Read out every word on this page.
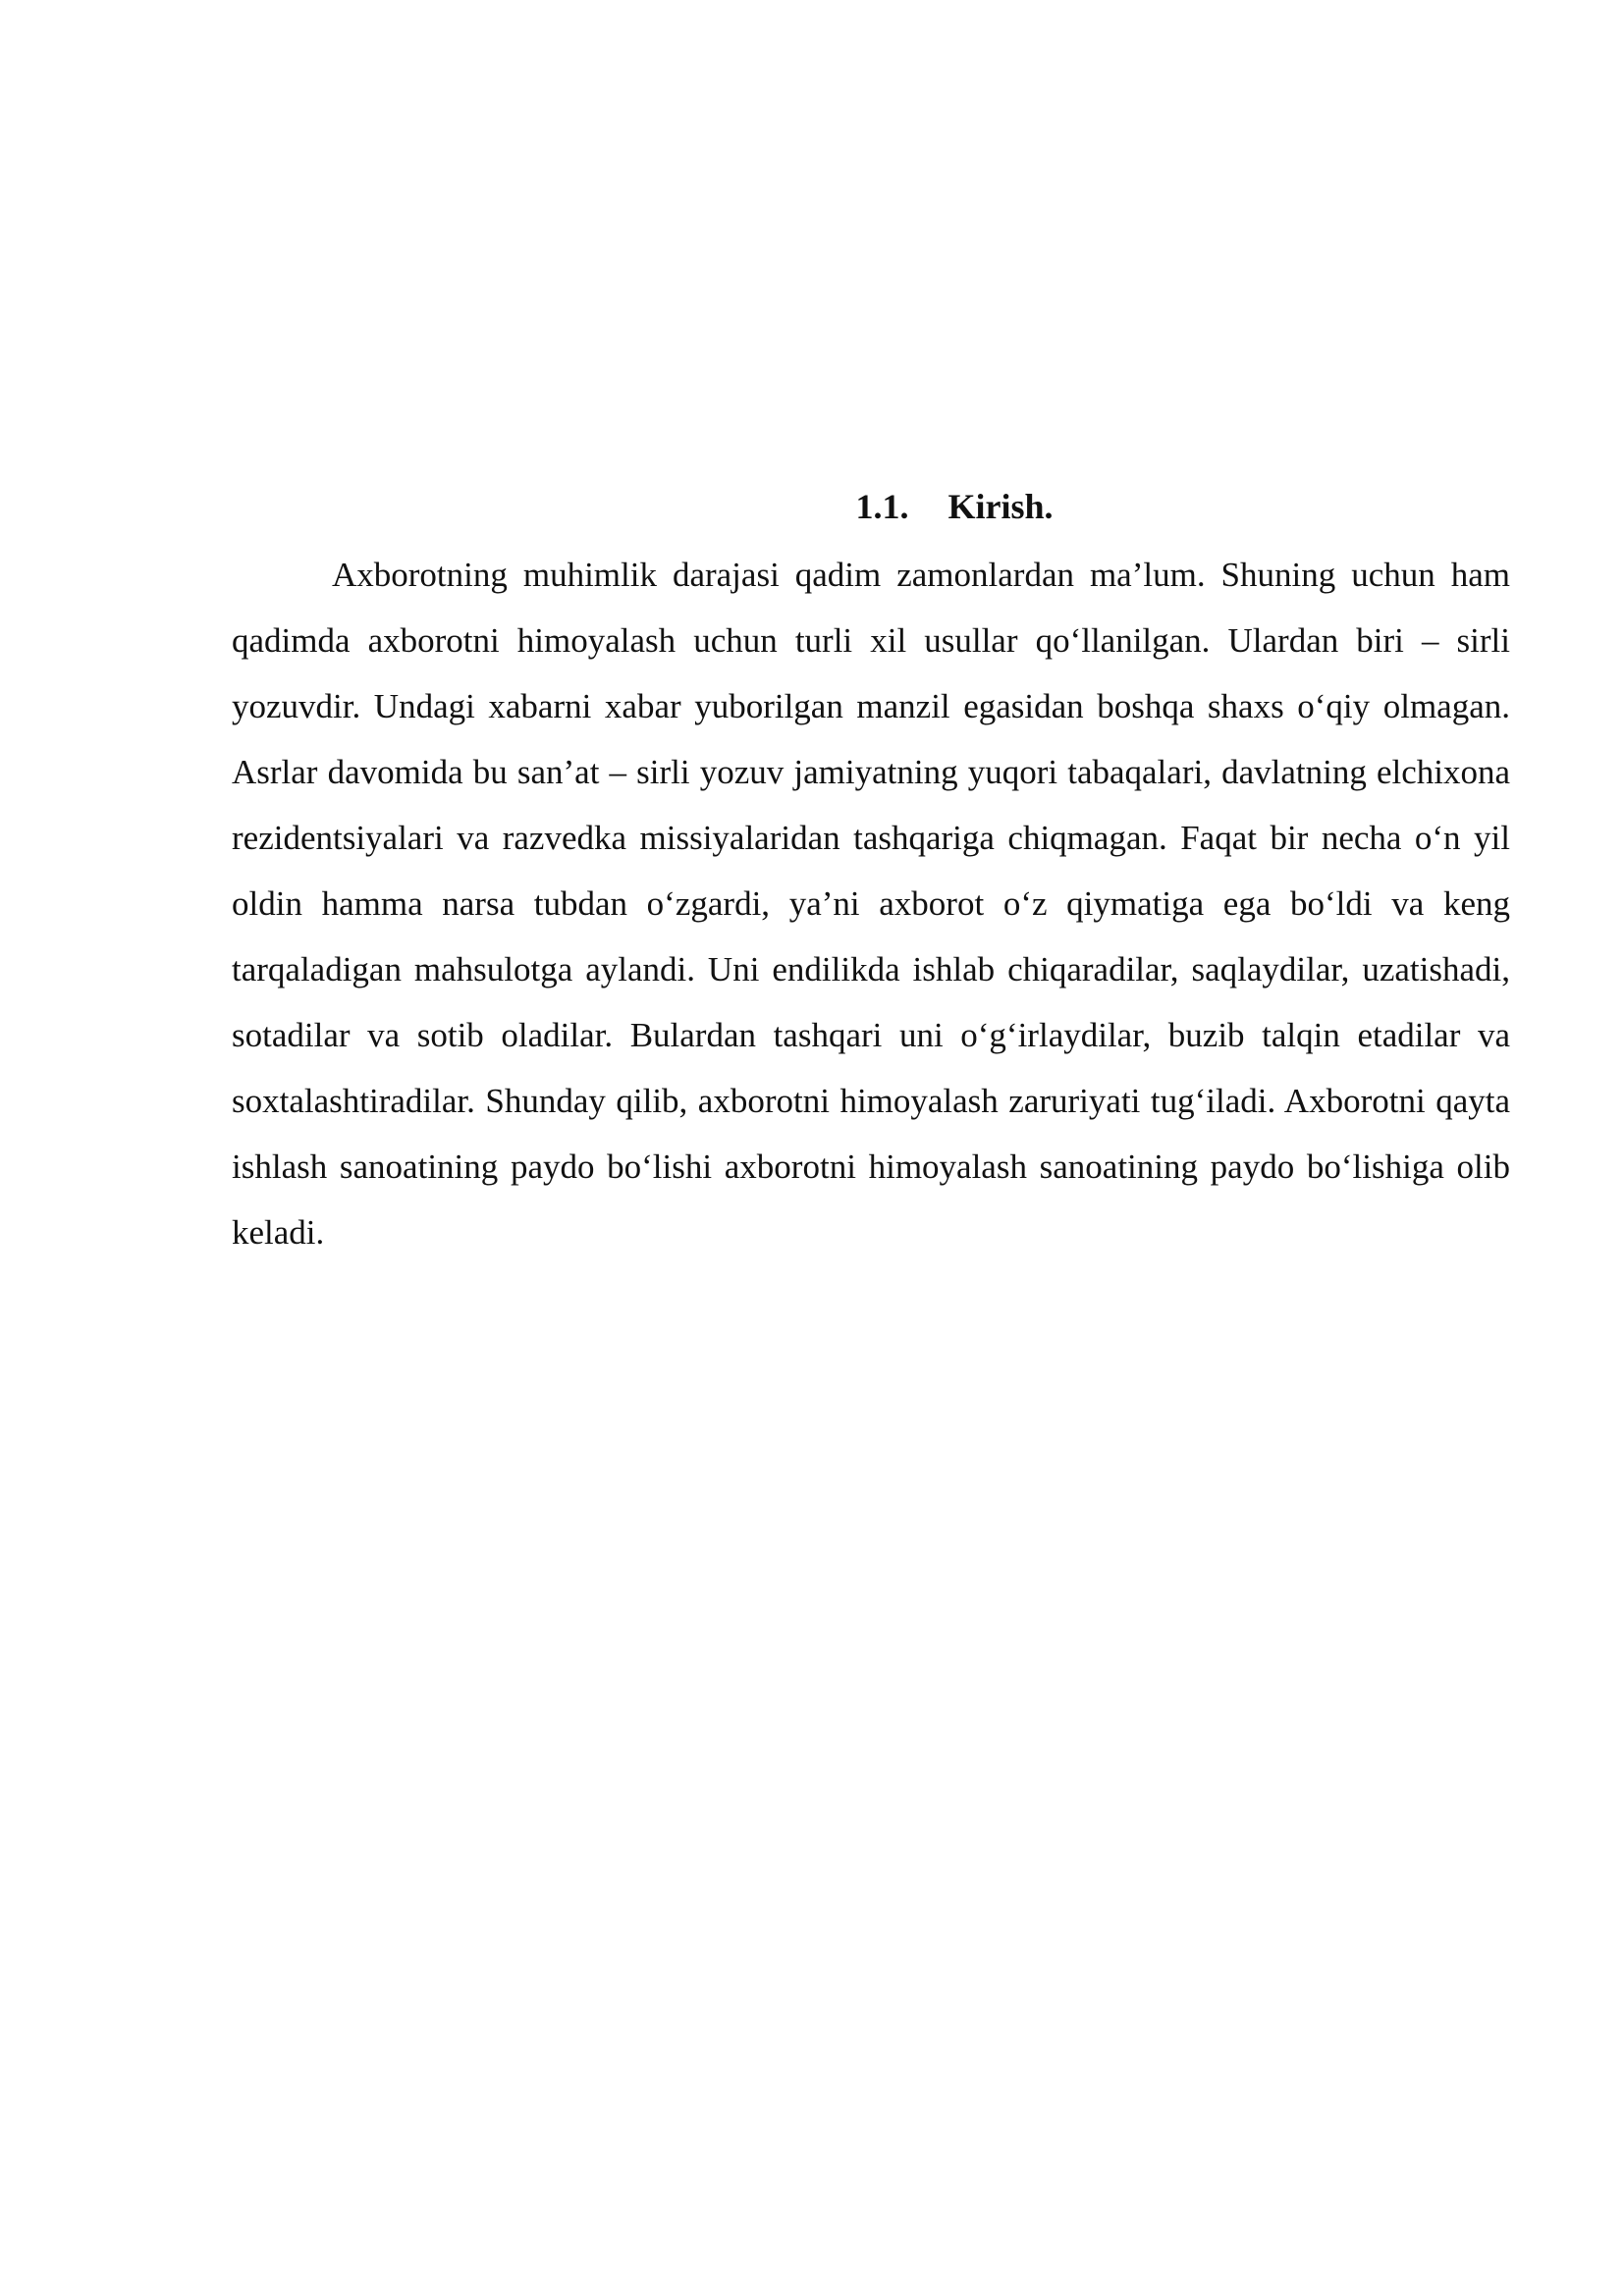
1.1. Kirish.

Axborotning muhimlik darajasi qadim zamonlardan ma’lum. Shuning uchun ham qadimda axborotni himoyalash uchun turli xil usullar qo‘llanilgan. Ulardan biri – sirli yozuvdir. Undagi xabarni xabar yuborilgan manzil egasidan boshqa shaxs o‘qiy olmagan. Asrlar davomida bu san’at – sirli yozuv jamiyatning yuqori tabaqalari, davlatning elchixona rezidentsiyalari va razvedka missiyalaridan tashqariga chiqmagan. Faqat bir necha o‘n yil oldin hamma narsa tubdan o‘zgardi, ya’ni axborot o‘z qiymatiga ega bo‘ldi va keng tarqaladigan mahsulotga aylandi. Uni endilikda ishlab chiqaradilar, saqlaydilar, uzatishadi, sotadilar va sotib oladilar. Bulardan tashqari uni o‘g‘irlaydilar, buzib talqin etadilar va soxtalashtiradilar. Shunday qilib, axborotni himoyalash zaruriyati tug‘iladi. Axborotni qayta ishlash sanoatining paydo bo‘lishi axborotni himoyalash sanoatining paydo bo‘lishiga olib keladi.
